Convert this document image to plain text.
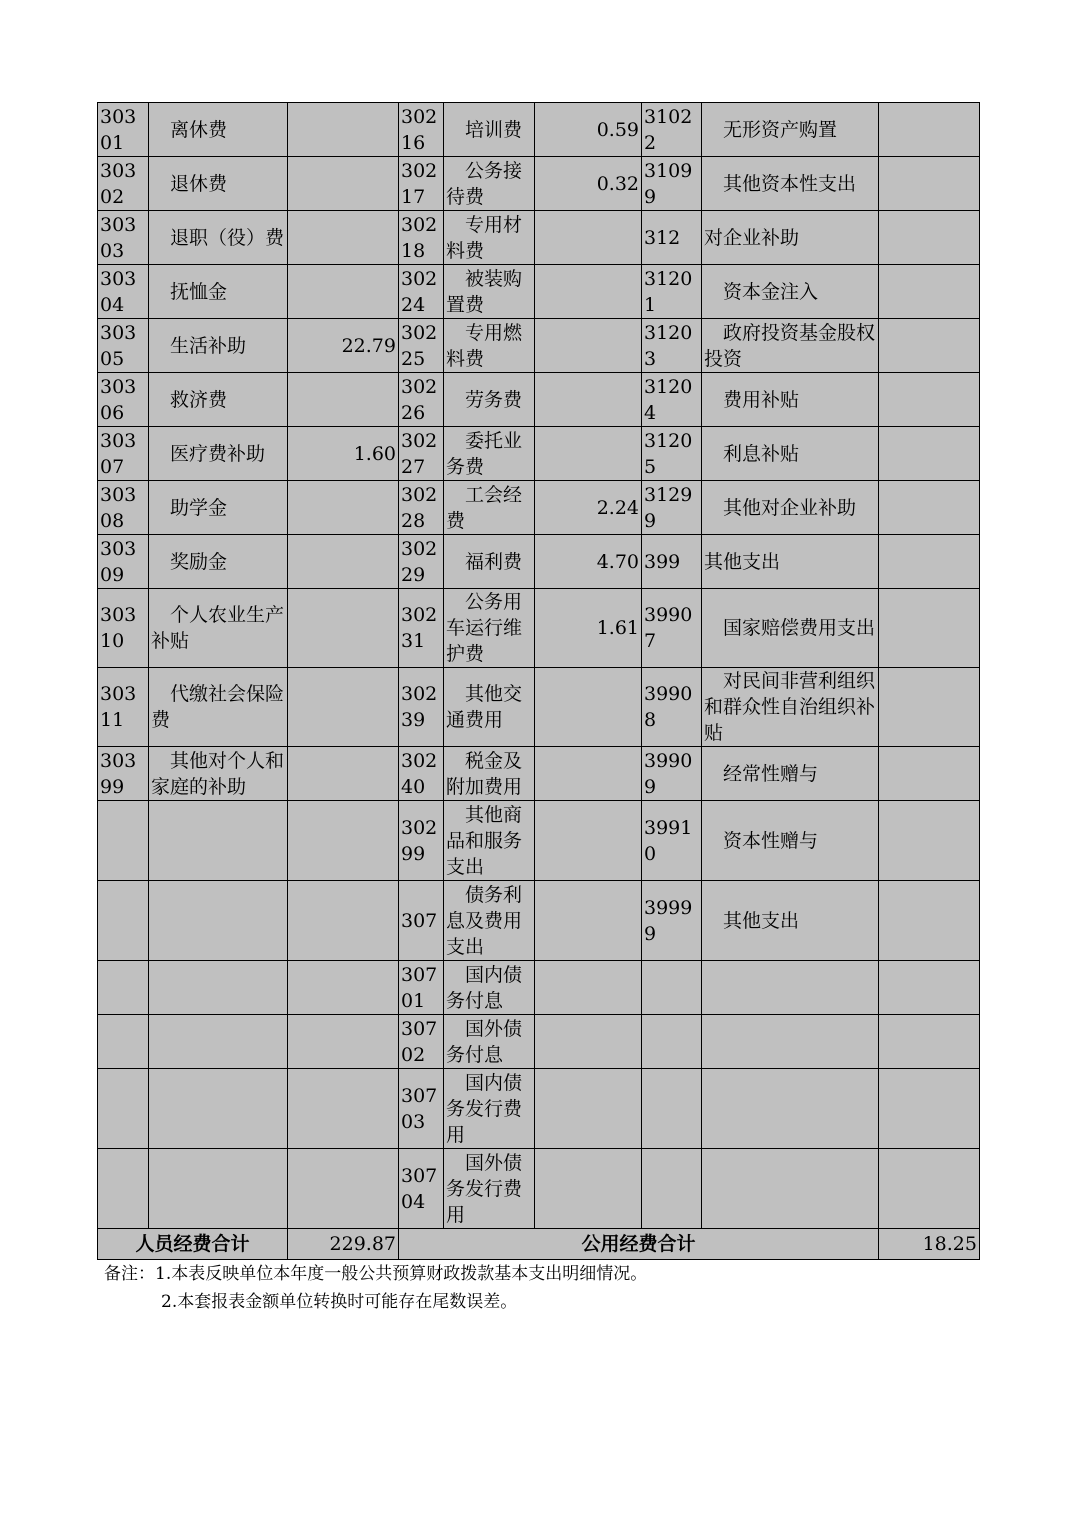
30301	离休费		30216	培训费	0.59	31022	无形资产购置	
30302	退休费		30217	公务接待费	0.32	31099	其他资本性支出	
30303	退职（役）费		30218	专用材料费		312	对企业补助	
30304	抚恤金		30224	被装购置费		31201	资本金注入	
30305	生活补助	22.79	30225	专用燃料费		31203	政府投资基金股权投资	
30306	救济费		30226	劳务费		31204	费用补贴	
30307	医疗费补助	1.60	30227	委托业务费		31205	利息补贴	
30308	助学金		30228	工会经费	2.24	31299	其他对企业补助	
30309	奖励金		30229	福利费	4.70	399	其他支出	
30310	个人农业生产补贴		30231	公务用车运行维护费	1.61	39907	国家赔偿费用支出	
30311	代缴社会保险费		30239	其他交通费用		39908	对民间非营利组织和群众性自治组织补贴	
30399	其他对个人和家庭的补助		30240	税金及附加费用		39909	经常性赠与	
			30299	其他商品和服务支出		39910	资本性赠与	
			307	债务利息及费用支出		39999	其他支出	
			30701	国内债务付息				
			30702	国外债务付息				
			30703	国内债务发行费用				
			30704	国外债务发行费用				
人员经费合计		229.87	公用经费合计					18.25
备注：1.本表反映单位本年度一般公共预算财政拨款基本支出明细情况。
2.本套报表金额单位转换时可能存在尾数误差。
